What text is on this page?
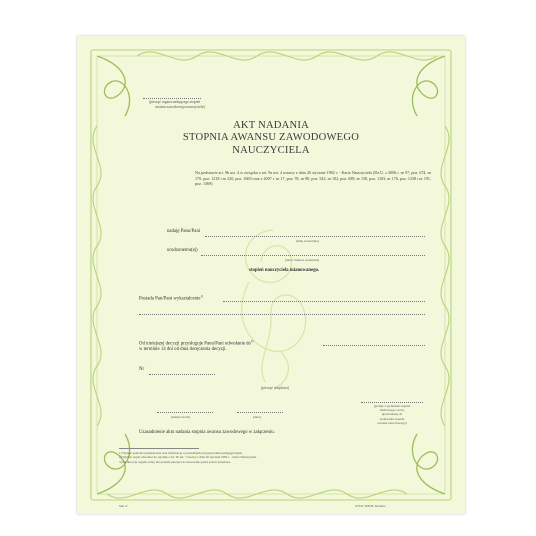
(pieczęć organu nadającego stopień
awansu zawodowego nauczyciela)
AKT NADANIA
STOPNIA AWANSU ZAWODOWEGO
NAUCZYCIELA
Na podstawie art. 9b ust. 4 w związku z art. 9a ust. 4 ustawy z dnia 26 stycznia 1982 r. - Karta Nauczyciela (Dz.U. z 2006 r. nr 97, poz. 674, nr 170, poz. 1218 i nr 220, poz. 1600 oraz z 2007 r. nr 17, poz. 95, nr 80, poz. 542, nr 102, poz. 689, nr 158, poz. 1103, nr 176, poz. 1238 i nr 191, poz. 1369)
nadaję Panu/Pani
(imię i nazwisko)
urodzonemu(ej)
(data i miejsce urodzenia)
stopień nauczyciela mianowanego.
Posiada Pan/Pani wykształcenie$^{1)}$
Od niniejszej decyzji przysługuje Panu/Pani odwołanie $do^{2)}$
w terminie 14 dni od dnia doręczenia decyzji.
Nr
(pieczęć urzędowa)
(podpis z podaniem stopnia
służbowego osoby
uprawnionej do
nadawania stopnia
awansu zawodowego)
(miejscowość)	(data)
Uzasadnienie aktu nadania stopnia awansu zawodowego w załączeniu.
1) Wpisać poziom wykształcenia oraz informację o posiadanym przygotowaniu pedagogicznym.
2) Wpisać organ odwoławczy zgodnie z art. 9b ust. 7 ustawy z dnia 26 stycznia 1982 r. - Karta Nauczyciela.
3) Na dowody organu, który nie posiada pieczęci do stosowania przez prawo urzędowe.
Szk. 9	WYD. SIB.PL Kraków
